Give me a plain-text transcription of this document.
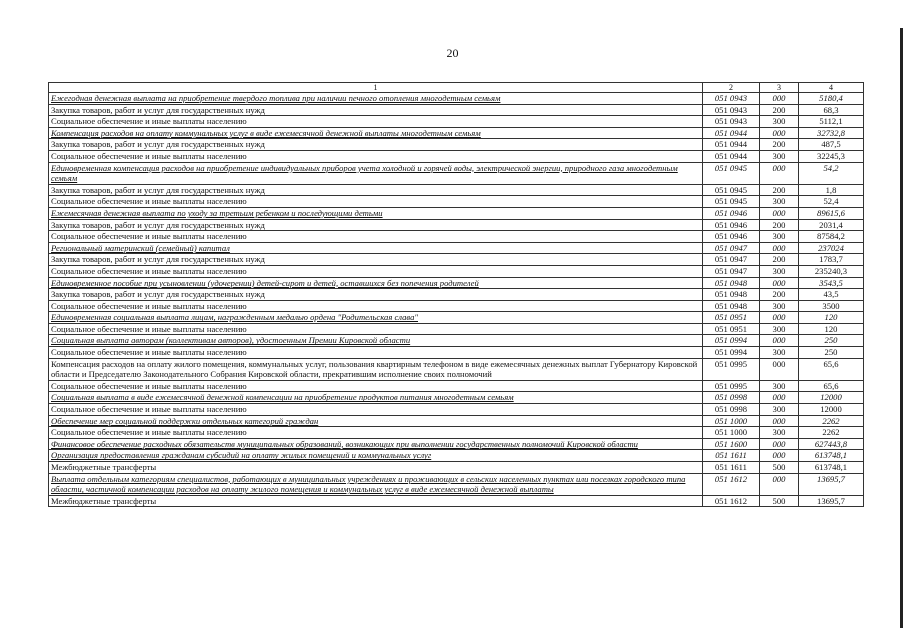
20
1	2	3	4
Ежегодная денежная выплата на приобретение твердого топлива при наличии печного отопления многодетным семьям	051 0943	000	5180,4
Закупка товаров, работ и услуг для государственных нужд	051 0943	200	68,3
Социальное обеспечение и иные выплаты населению	051 0943	300	5112,1
Компенсация расходов на оплату коммунальных услуг в виде ежемесячной денежной выплаты многодетным семьям	051 0944	000	32732,8
Закупка товаров, работ и услуг для государственных нужд	051 0944	200	487,5
Социальное обеспечение и иные выплаты населению	051 0944	300	32245,3
Единовременная компенсация расходов на приобретение индивидуальных приборов учета холодной и горячей воды, электрической энергии, природного газа многодетным семьям	051 0945	000	54,2
Закупка товаров, работ и услуг для государственных нужд	051 0945	200	1,8
Социальное обеспечение и иные выплаты населению	051 0945	300	52,4
Ежемесячная денежная выплата по уходу за третьим ребенком и последующими детьми	051 0946	000	89615,6
Закупка товаров, работ и услуг для государственных нужд	051 0946	200	2031,4
Социальное обеспечение и иные выплаты населению	051 0946	300	87584,2
Региональный материнский (семейный) капитал	051 0947	000	237024
Закупка товаров, работ и услуг для государственных нужд	051 0947	200	1783,7
Социальное обеспечение и иные выплаты населению	051 0947	300	235240,3
Единовременное пособие при усыновлении (удочерении) детей-сирот и детей, оставшихся без попечения родителей	051 0948	000	3543,5
Закупка товаров, работ и услуг для государственных нужд	051 0948	200	43,5
Социальное обеспечение и иные выплаты населению	051 0948	300	3500
Единовременная социальная выплата лицам, награжденным медалью ордена "Родительская слава"	051 0951	000	120
Социальное обеспечение и иные выплаты населению	051 0951	300	120
Социальная выплата авторам (коллективам авторов), удостоенным Премии Кировской области	051 0994	000	250
Социальное обеспечение и иные выплаты населению	051 0994	300	250
Компенсация расходов на оплату жилого помещения, коммунальных услуг, пользования квартирным телефоном в виде ежемесячных денежных выплат Губернатору Кировской области и Председателю Законодательного Собрания Кировской области, прекратившим исполнение своих полномочий	051 0995	000	65,6
Социальное обеспечение и иные выплаты населению	051 0995	300	65,6
Социальная выплата в виде ежемесячной денежной компенсации на приобретение продуктов питания многодетным семьям	051 0998	000	12000
Социальное обеспечение и иные выплаты населению	051 0998	300	12000
Обеспечение мер социальной поддержки отдельных категорий граждан	051 1000	000	2262
Социальное обеспечение и иные выплаты населению	051 1000	300	2262
Финансовое обеспечение расходных обязательств муниципальных образований, возникающих при выполнении государственных полномочий Кировской области	051 1600	000	627443,8
Организация предоставления гражданам субсидий на оплату жилых помещений и коммунальных услуг	051 1611	000	613748,1
Межбюджетные трансферты	051 1611	500	613748,1
Выплата отдельным категориям специалистов, работающих в муниципальных учреждениях и проживающих в сельских населенных пунктах или поселках городского типа области, частичной компенсации расходов на оплату жилого помещения и коммунальных услуг в виде ежемесячной денежной выплаты	051 1612	000	13695,7
Межбюджетные трансферты	051 1612	500	13695,7
